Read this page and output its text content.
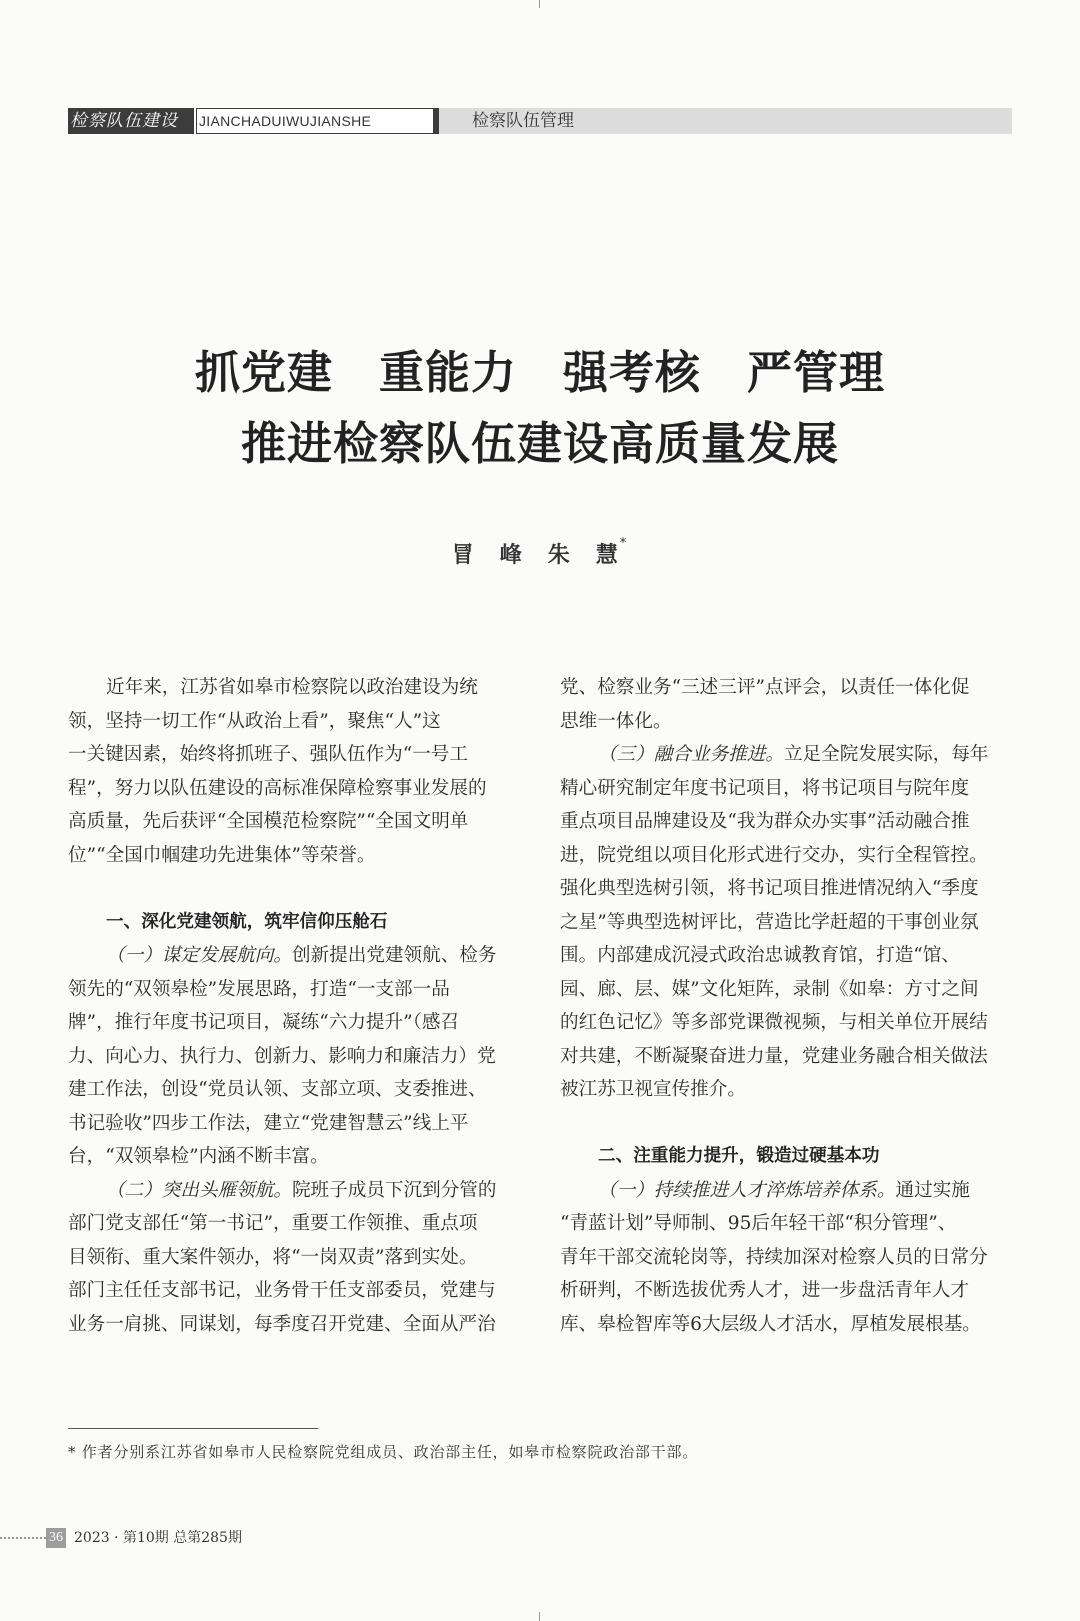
检察队伍建设	JIANCHADUIWUJIANSHE	检察队伍管理
抓党建　重能力　强考核　严管理
推进检察队伍建设高质量发展
冒　峰　朱　慧*
近年来，江苏省如皋市检察院以政治建设为统
领，坚持一切工作“从政治上看”，聚焦“人”这
一关键因素，始终将抓班子、强队伍作为“一号工
程”，努力以队伍建设的高标准保障检察事业发展的
高质量，先后获评“全国模范检察院”“全国文明单
位”“全国巾帼建功先进集体”等荣誉。
一、深化党建领航，筑牢信仰压舱石
（一）谋定发展航向。创新提出党建领航、检务
领先的“双领皋检”发展思路，打造“一支部一品
牌”，推行年度书记项目，凝练“六力提升”（感召
力、向心力、执行力、创新力、影响力和廉洁力）党
建工作法，创设“党员认领、支部立项、支委推进、
书记验收”四步工作法，建立“党建智慧云”线上平
台，“双领皋检”内涵不断丰富。
（二）突出头雁领航。院班子成员下沉到分管的
部门党支部任“第一书记”，重要工作领推、重点项
目领衔、重大案件领办，将“一岗双责”落到实处。
部门主任任支部书记，业务骨干任支部委员，党建与
业务一肩挑、同谋划，每季度召开党建、全面从严治
党、检察业务“三述三评”点评会，以责任一体化促
思维一体化。
（三）融合业务推进。立足全院发展实际，每年
精心研究制定年度书记项目，将书记项目与院年度
重点项目品牌建设及“我为群众办实事”活动融合推
进，院党组以项目化形式进行交办，实行全程管控。
强化典型选树引领，将书记项目推进情况纳入“季度
之星”等典型选树评比，营造比学赶超的干事创业氛
围。内部建成沉浸式政治忠诚教育馆，打造“馆、
园、廊、层、媒”文化矩阵，录制《如皋：方寸之间
的红色记忆》等多部党课微视频，与相关单位开展结
对共建，不断凝聚奋进力量，党建业务融合相关做法
被江苏卫视宣传推介。
二、注重能力提升，锻造过硬基本功
（一）持续推进人才淬炼培养体系。通过实施
“青蓝计划”导师制、95后年轻干部“积分管理”、
青年干部交流轮岗等，持续加深对检察人员的日常分
析研判，不断选拔优秀人才，进一步盘活青年人才
库、皋检智库等6大层级人才活水，厚植发展根基。
* 作者分别系江苏省如皋市人民检察院党组成员、政治部主任，如皋市检察院政治部干部。
36 2023 · 第10期 总第285期
